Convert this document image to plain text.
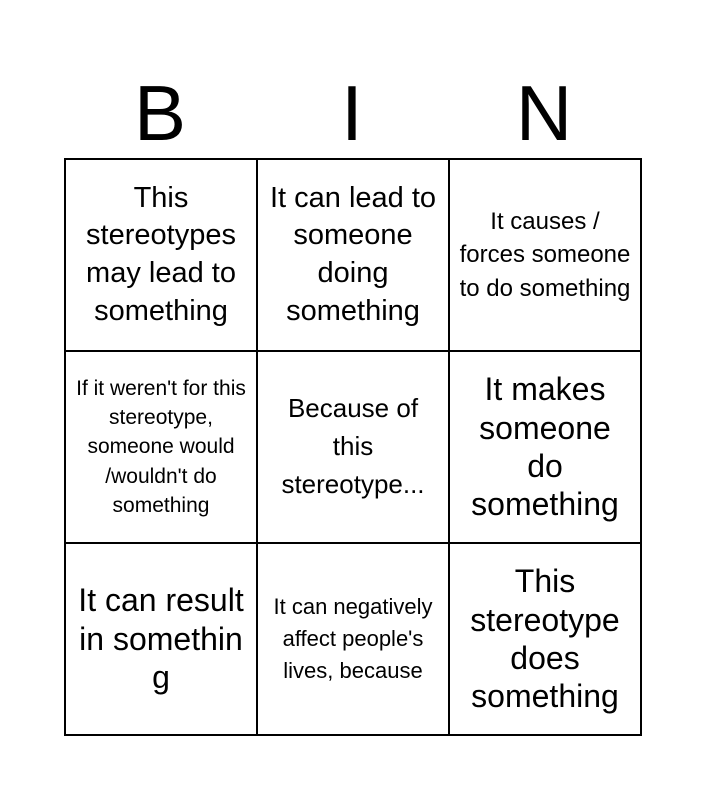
B	I	N
This stereotypes may lead to something
It can lead to someone doing something
It causes / forces someone to do something
If it weren't for this stereotype, someone would /wouldn't do something
Because of this stereotype...
It makes someone do something
It can result in somethin g
It can negatively affect people's lives, because
This stereotype does something
